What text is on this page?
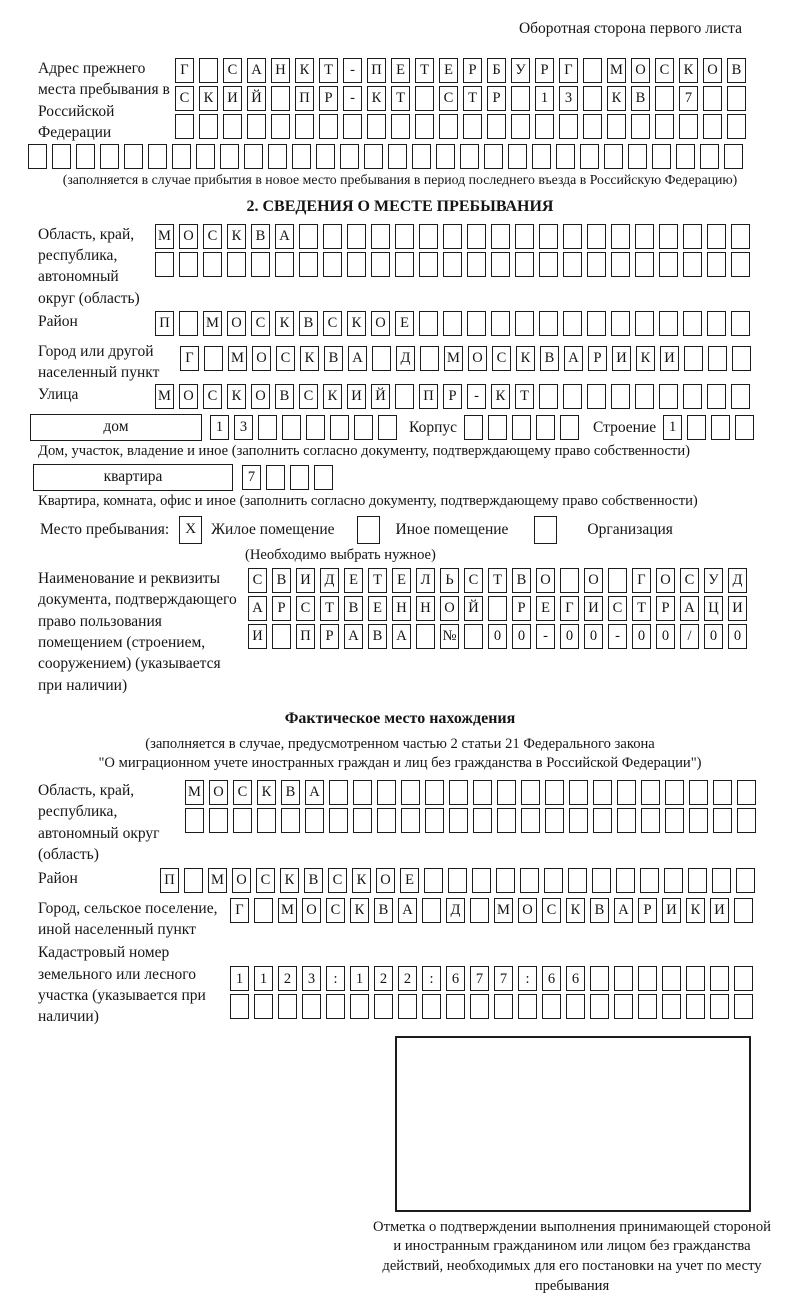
Оборотная сторона первого листа
Адрес прежнего места пребывания в Российской Федерации
Г	С А Н К	Т	-	П Е	Т	Е	Р	Б	У	Р	Г	М О С К О В
С К И Й	П	Р	-	К	Т	С	Т	Р	1	3	К В	7
(заполняется в случае прибытия в новое место пребывания в период последнего въезда в Российскую Федерацию)
2. СВЕДЕНИЯ О МЕСТЕ ПРЕБЫВАНИЯ
Область, край, республика, автономный округ (область)
М О С К В А
Район	П	М О С К В С К О Е
Город или другой населенный пункт
Г	М О С К В А	Д	М О С К В А	Р	И К И
Улица	М О С К О В С К И Й	П	Р	-	К	Т
дом	1	3	Корпус	Строение 1
Дом, участок, владение и иное (заполнить согласно документу, подтверждающему право собственности)
квартира	7
Квартира, комната, офис и иное (заполнить согласно документу, подтверждающему право собственности)
Место пребывания:	X Жилое помещение	Иное помещение	Организация
(Необходимо выбрать нужное)
Наименование и реквизиты документа, подтверждающего право пользования помещением (строением, сооружением) (указывается при наличии)
С В И Д	Е	Т	Е	Л	Ь	С	Т	В О	О	Г	О С У Д
А	Р	С	Т	В	Е Н Н О Й	Р	Е	Г	И С	Т	Р	А Ц И
И	П	Р	А В А №	0	0	-	0	0	-	0	0	/	0	0
Фактическое место нахождения
(заполняется в случае, предусмотренном частью 2 статьи 21 Федерального закона
"О миграционном учете иностранных граждан и лиц без гражданства в Российской Федерации")
Область, край, республика, автономный округ (область)
М О С К В А
Район	П	М О С К В С К О Е
Город, сельское поселение, иной населенный пункт
Г	М О С К В А	Д	М О С К В А	Р	И К И
Кадастровый номер земельного или лесного участка (указывается при наличии)
1	1	2	3	:	1	2	2	:	6	7	7	:	6	6
Отметка о подтверждении выполнения принимающей стороной и иностранным гражданином или лицом без гражданства действий, необходимых для его постановки на учет по месту пребывания
